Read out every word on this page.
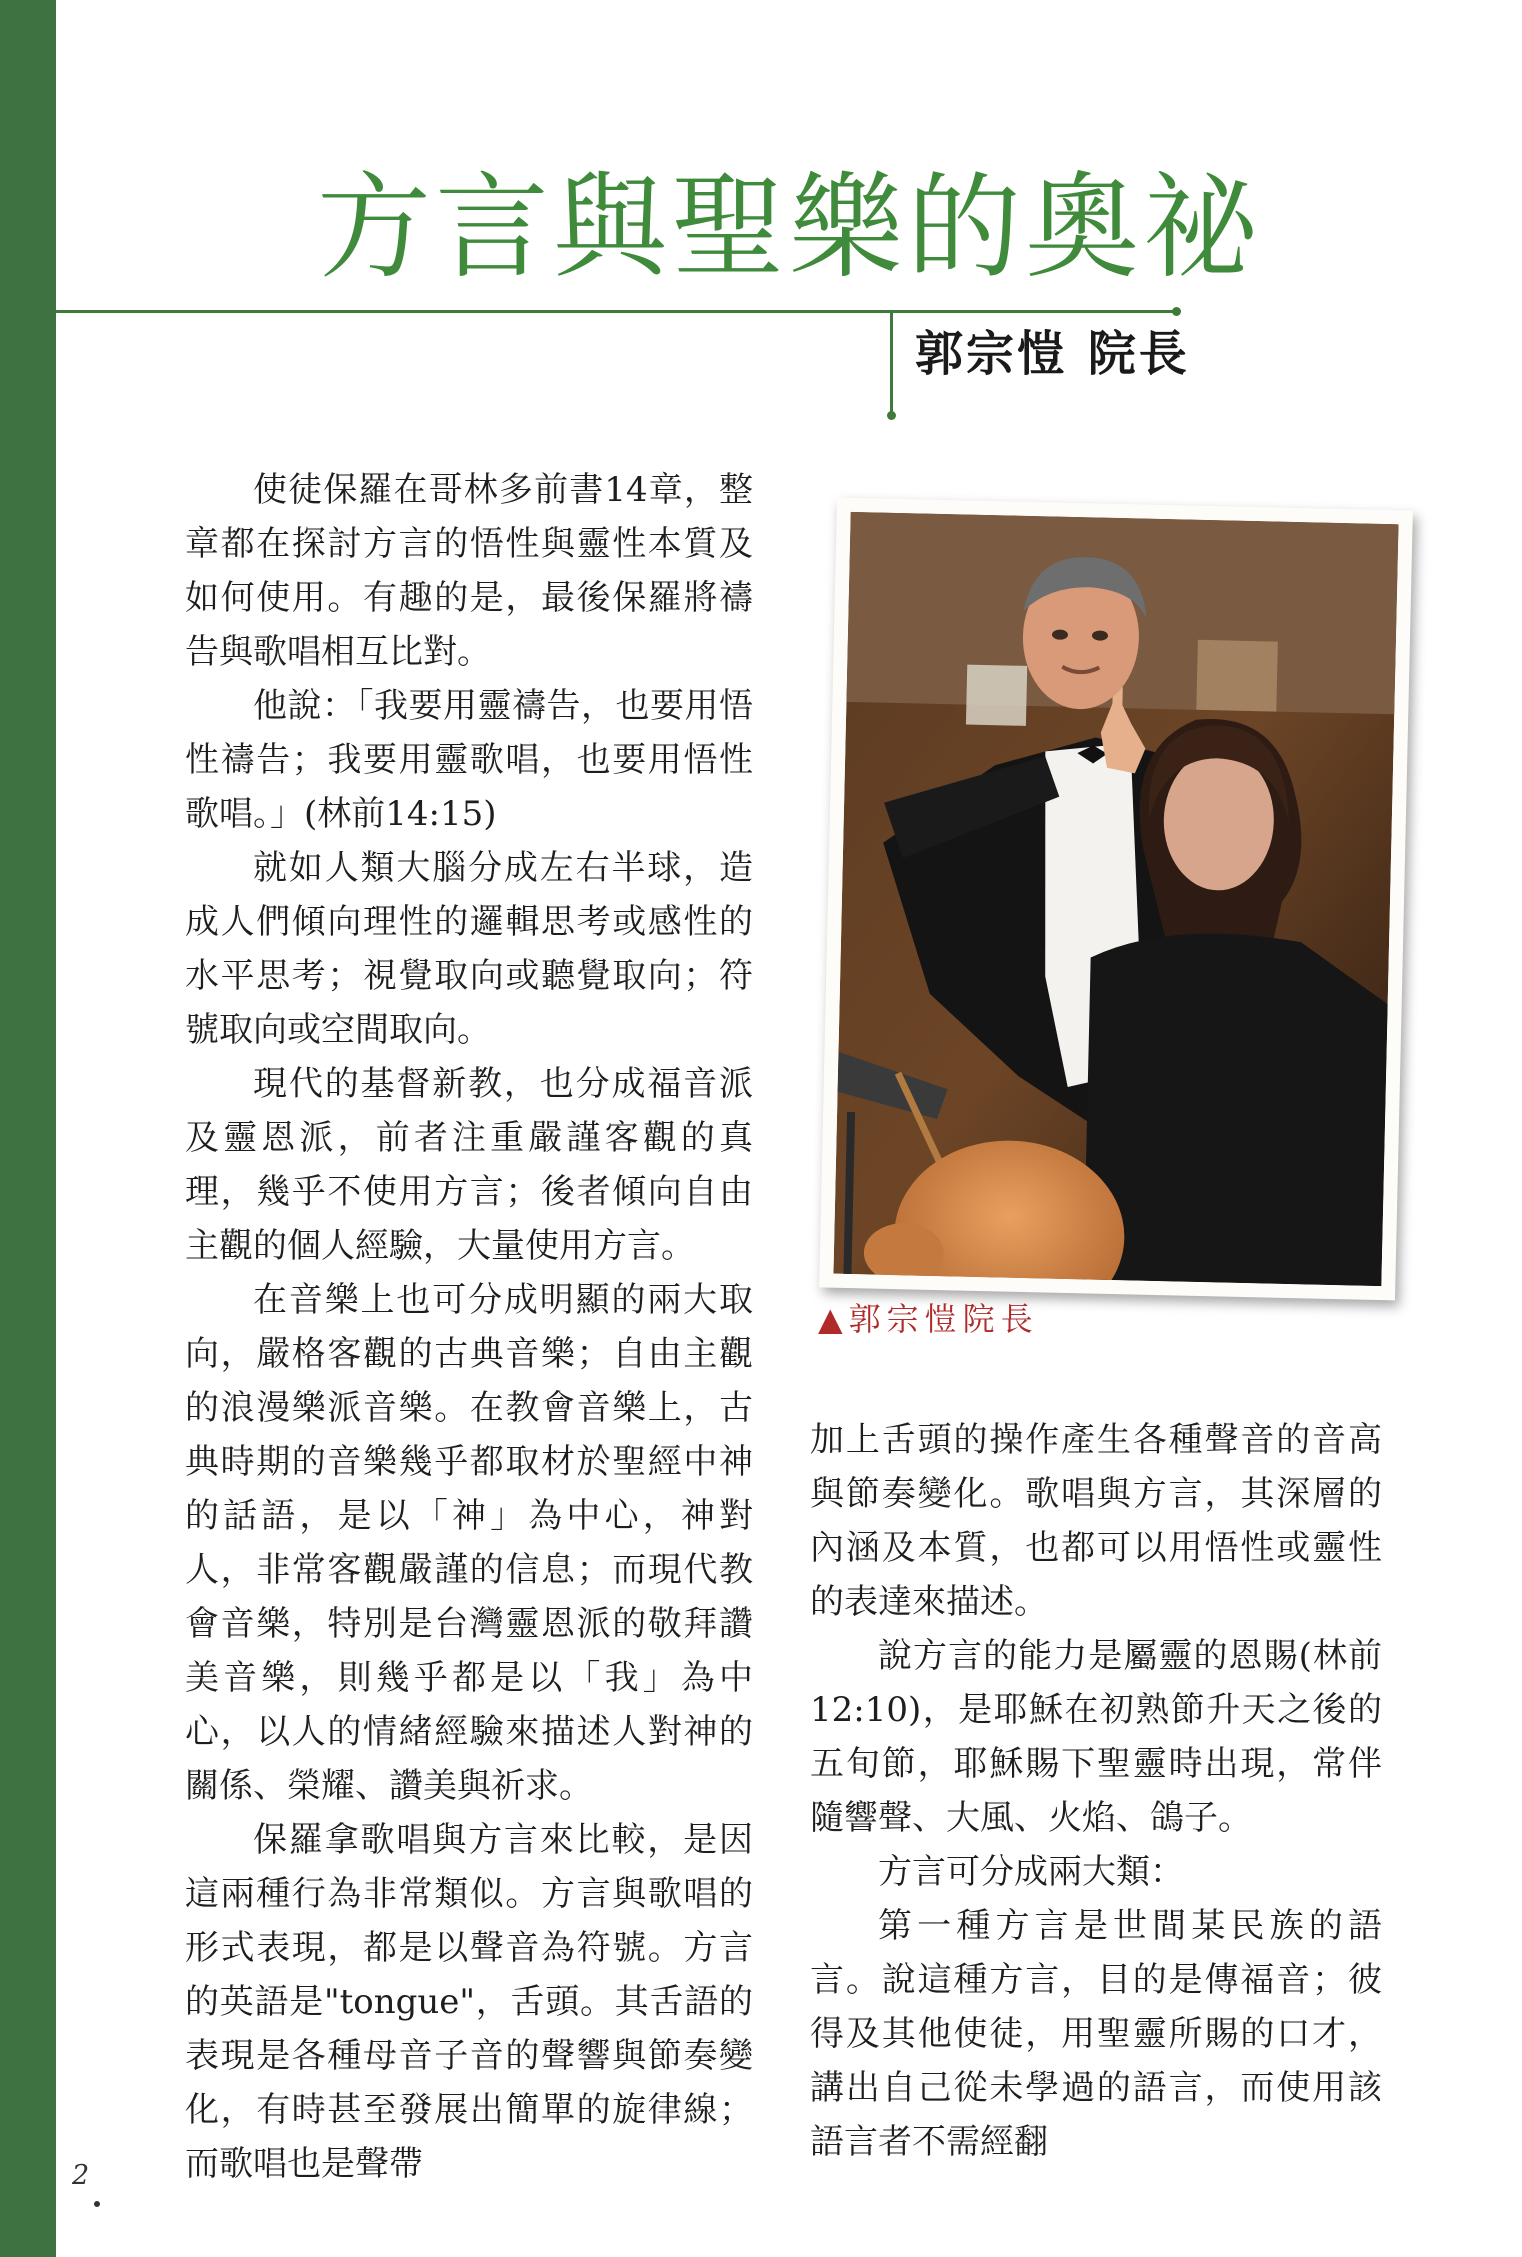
方言與聖樂的奧祕
郭宗愷 院長

使徒保羅在哥林多前書14章，整章都在探討方言的悟性與靈性本質及如何使用。有趣的是，最後保羅將禱告與歌唱相互比對。

他說：「我要用靈禱告，也要用悟性禱告；我要用靈歌唱，也要用悟性歌唱。」(林前14:15)

就如人類大腦分成左右半球，造成人們傾向理性的邏輯思考或感性的水平思考；視覺取向或聽覺取向；符號取向或空間取向。

現代的基督新教，也分成福音派及靈恩派，前者注重嚴謹客觀的真理，幾乎不使用方言；後者傾向自由主觀的個人經驗，大量使用方言。

在音樂上也可分成明顯的兩大取向，嚴格客觀的古典音樂；自由主觀的浪漫樂派音樂。在教會音樂上，古典時期的音樂幾乎都取材於聖經中神的話語，是以「神」為中心，神對人，非常客觀嚴謹的信息；而現代教會音樂，特別是台灣靈恩派的敬拜讚美音樂，則幾乎都是以「我」為中心，以人的情緒經驗來描述人對神的關係、榮耀、讚美與祈求。

保羅拿歌唱與方言來比較，是因這兩種行為非常類似。方言與歌唱的形式表現，都是以聲音為符號。方言的英語是"tongue"，舌頭。其舌語的表現是各種母音子音的聲響與節奏變化，有時甚至發展出簡單的旋律線；而歌唱也是聲帶

▲郭宗愷院長

加上舌頭的操作產生各種聲音的音高與節奏變化。歌唱與方言，其深層的內涵及本質，也都可以用悟性或靈性的表達來描述。

說方言的能力是屬靈的恩賜(林前12:10)，是耶穌在初熟節升天之後的五旬節，耶穌賜下聖靈時出現，常伴隨響聲、大風、火焰、鴿子。

方言可分成兩大類：

第一種方言是世間某民族的語言。說這種方言，目的是傳福音；彼得及其他使徒，用聖靈所賜的口才，講出自己從未學過的語言，而使用該語言者不需經翻

2
